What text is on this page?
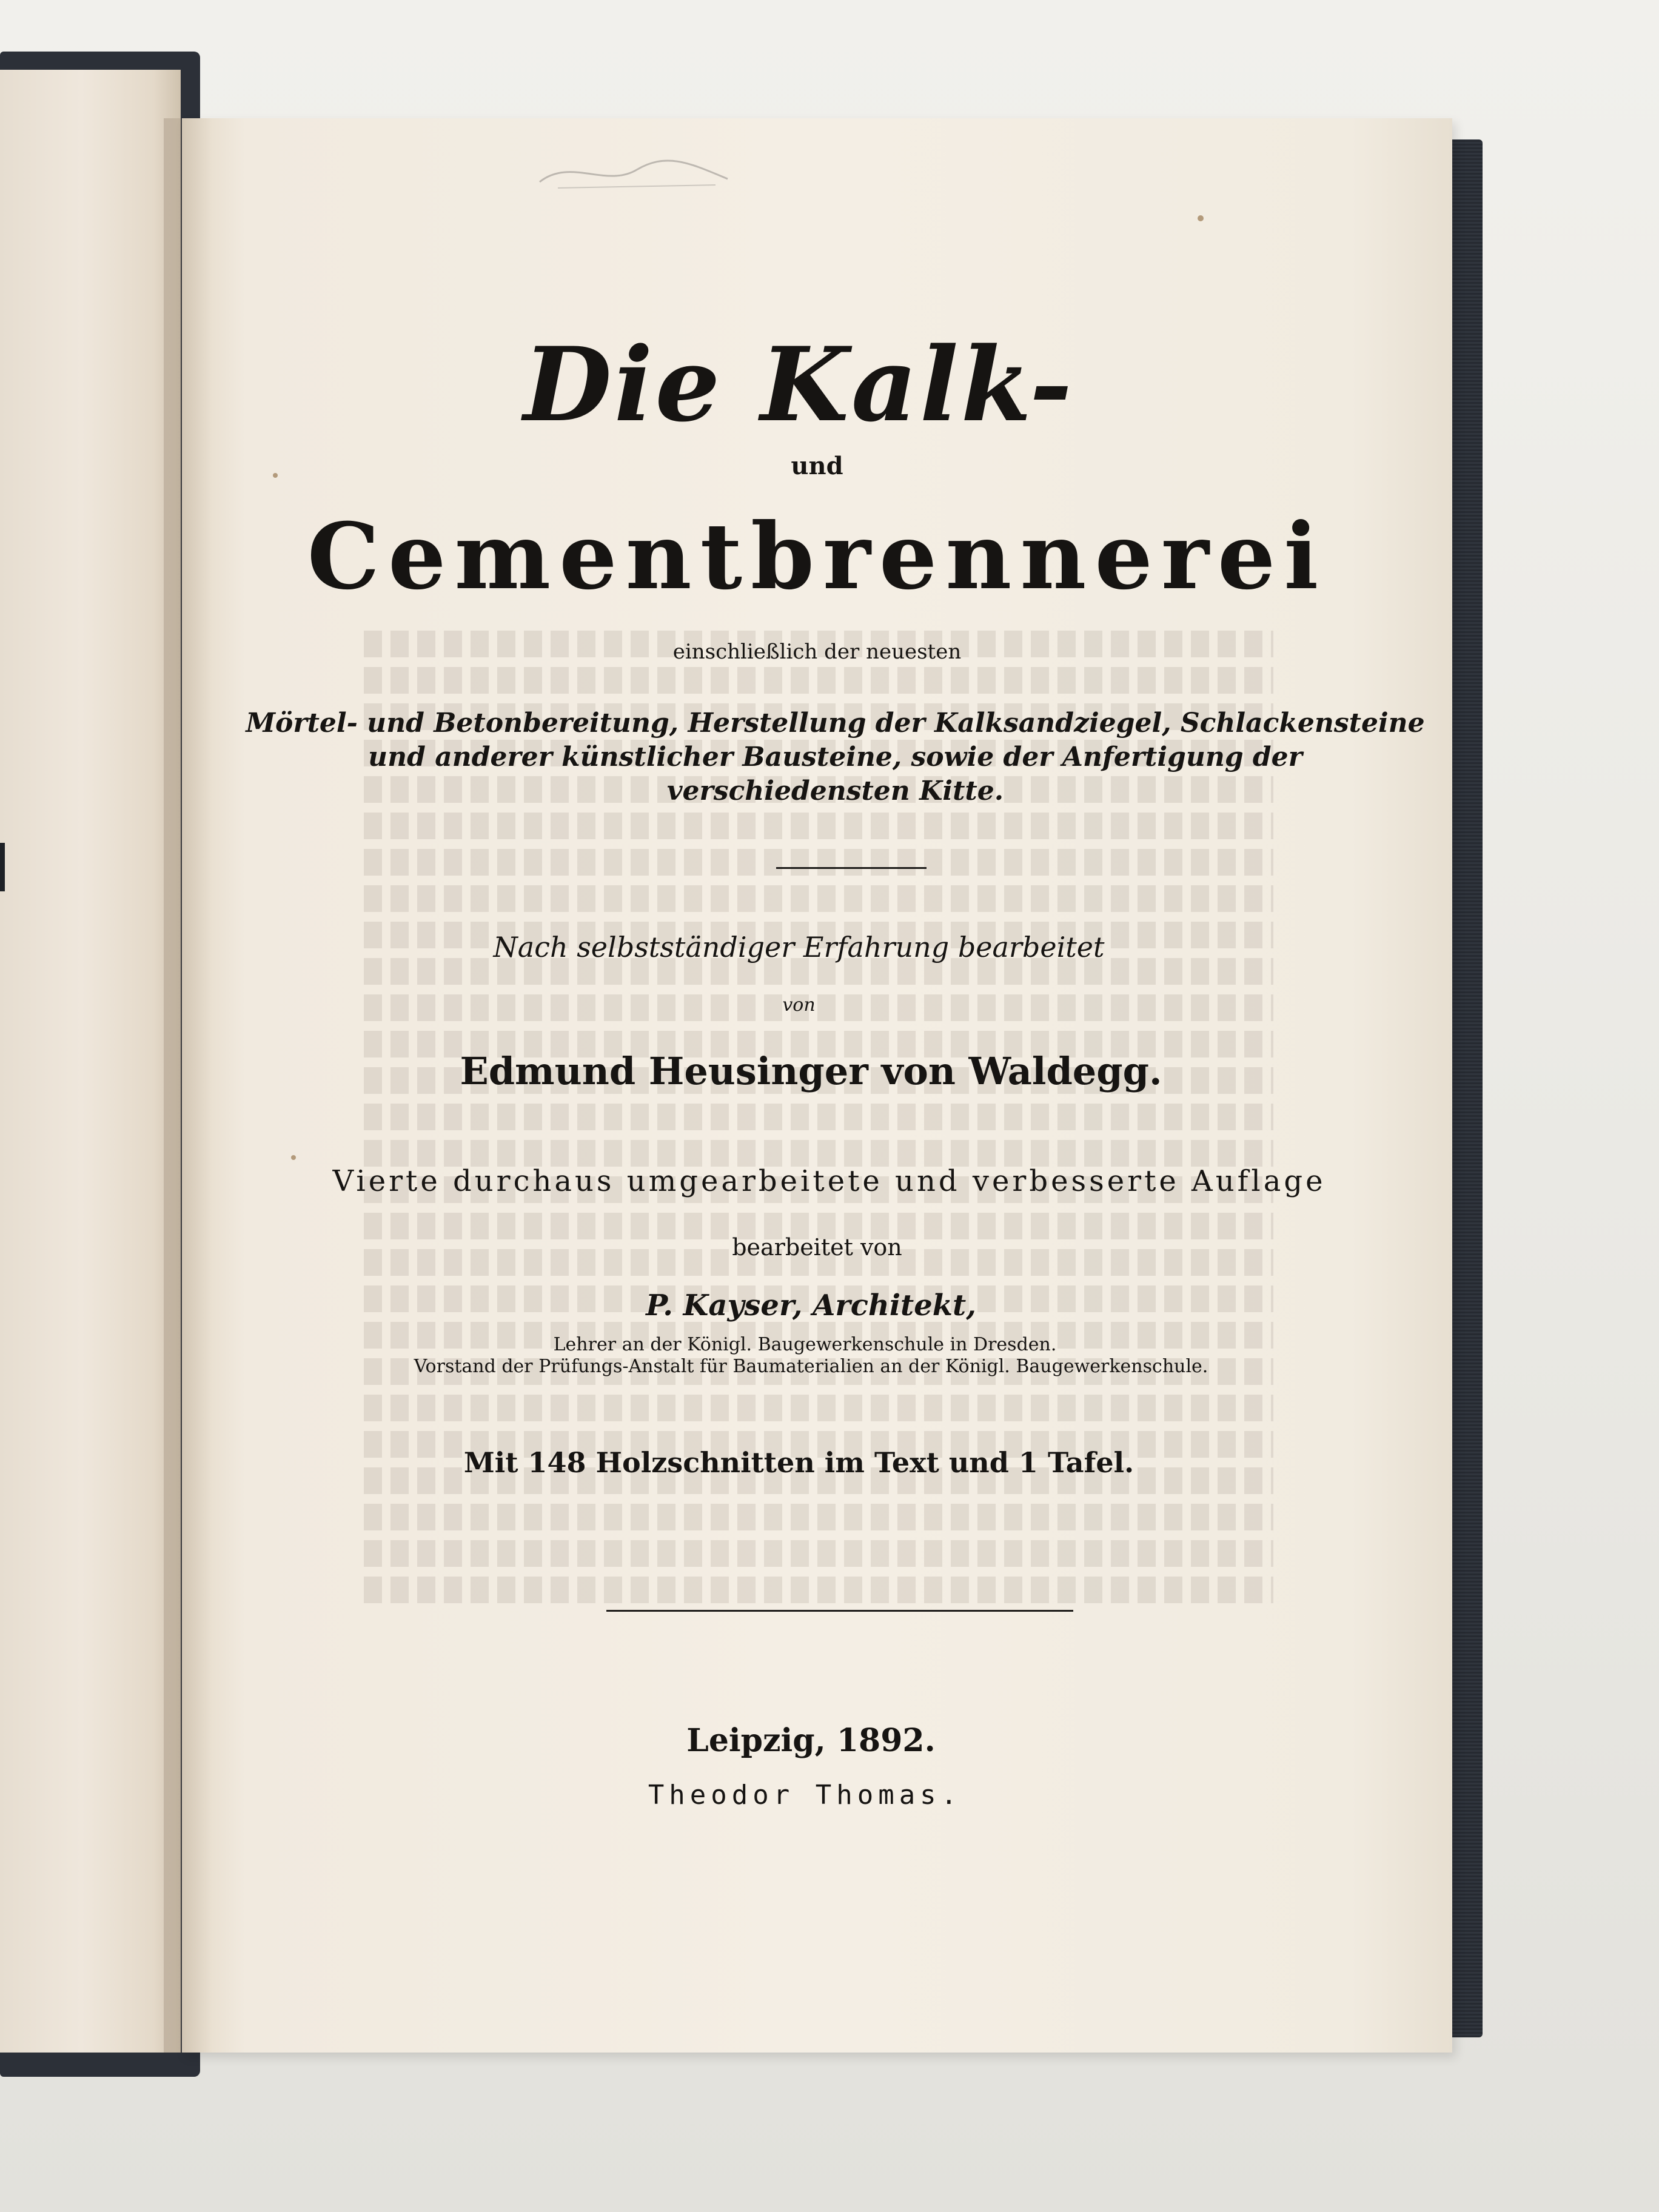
Die Kalk-
und
Cementbrennerei
einschließlich der neuesten
Mörtel- und Betonbereitung, Herstellung der Kalksandziegel, Schlackensteine
und anderer künstlicher Bausteine, sowie der Anfertigung der
verschiedensten Kitte.
Nach selbstständiger Erfahrung bearbeitet
von
Edmund Heusinger von Waldegg.
Vierte durchaus umgearbeitete und verbesserte Auflage
bearbeitet von
P. Kayser, Architekt,
Lehrer an der Königl. Baugewerkenschule in Dresden.
Vorstand der Prüfungs-Anstalt für Baumaterialien an der Königl. Baugewerkenschule.
Mit 148 Holzschnitten im Text und 1 Tafel.
Leipzig, 1892.
Theodor Thomas.
